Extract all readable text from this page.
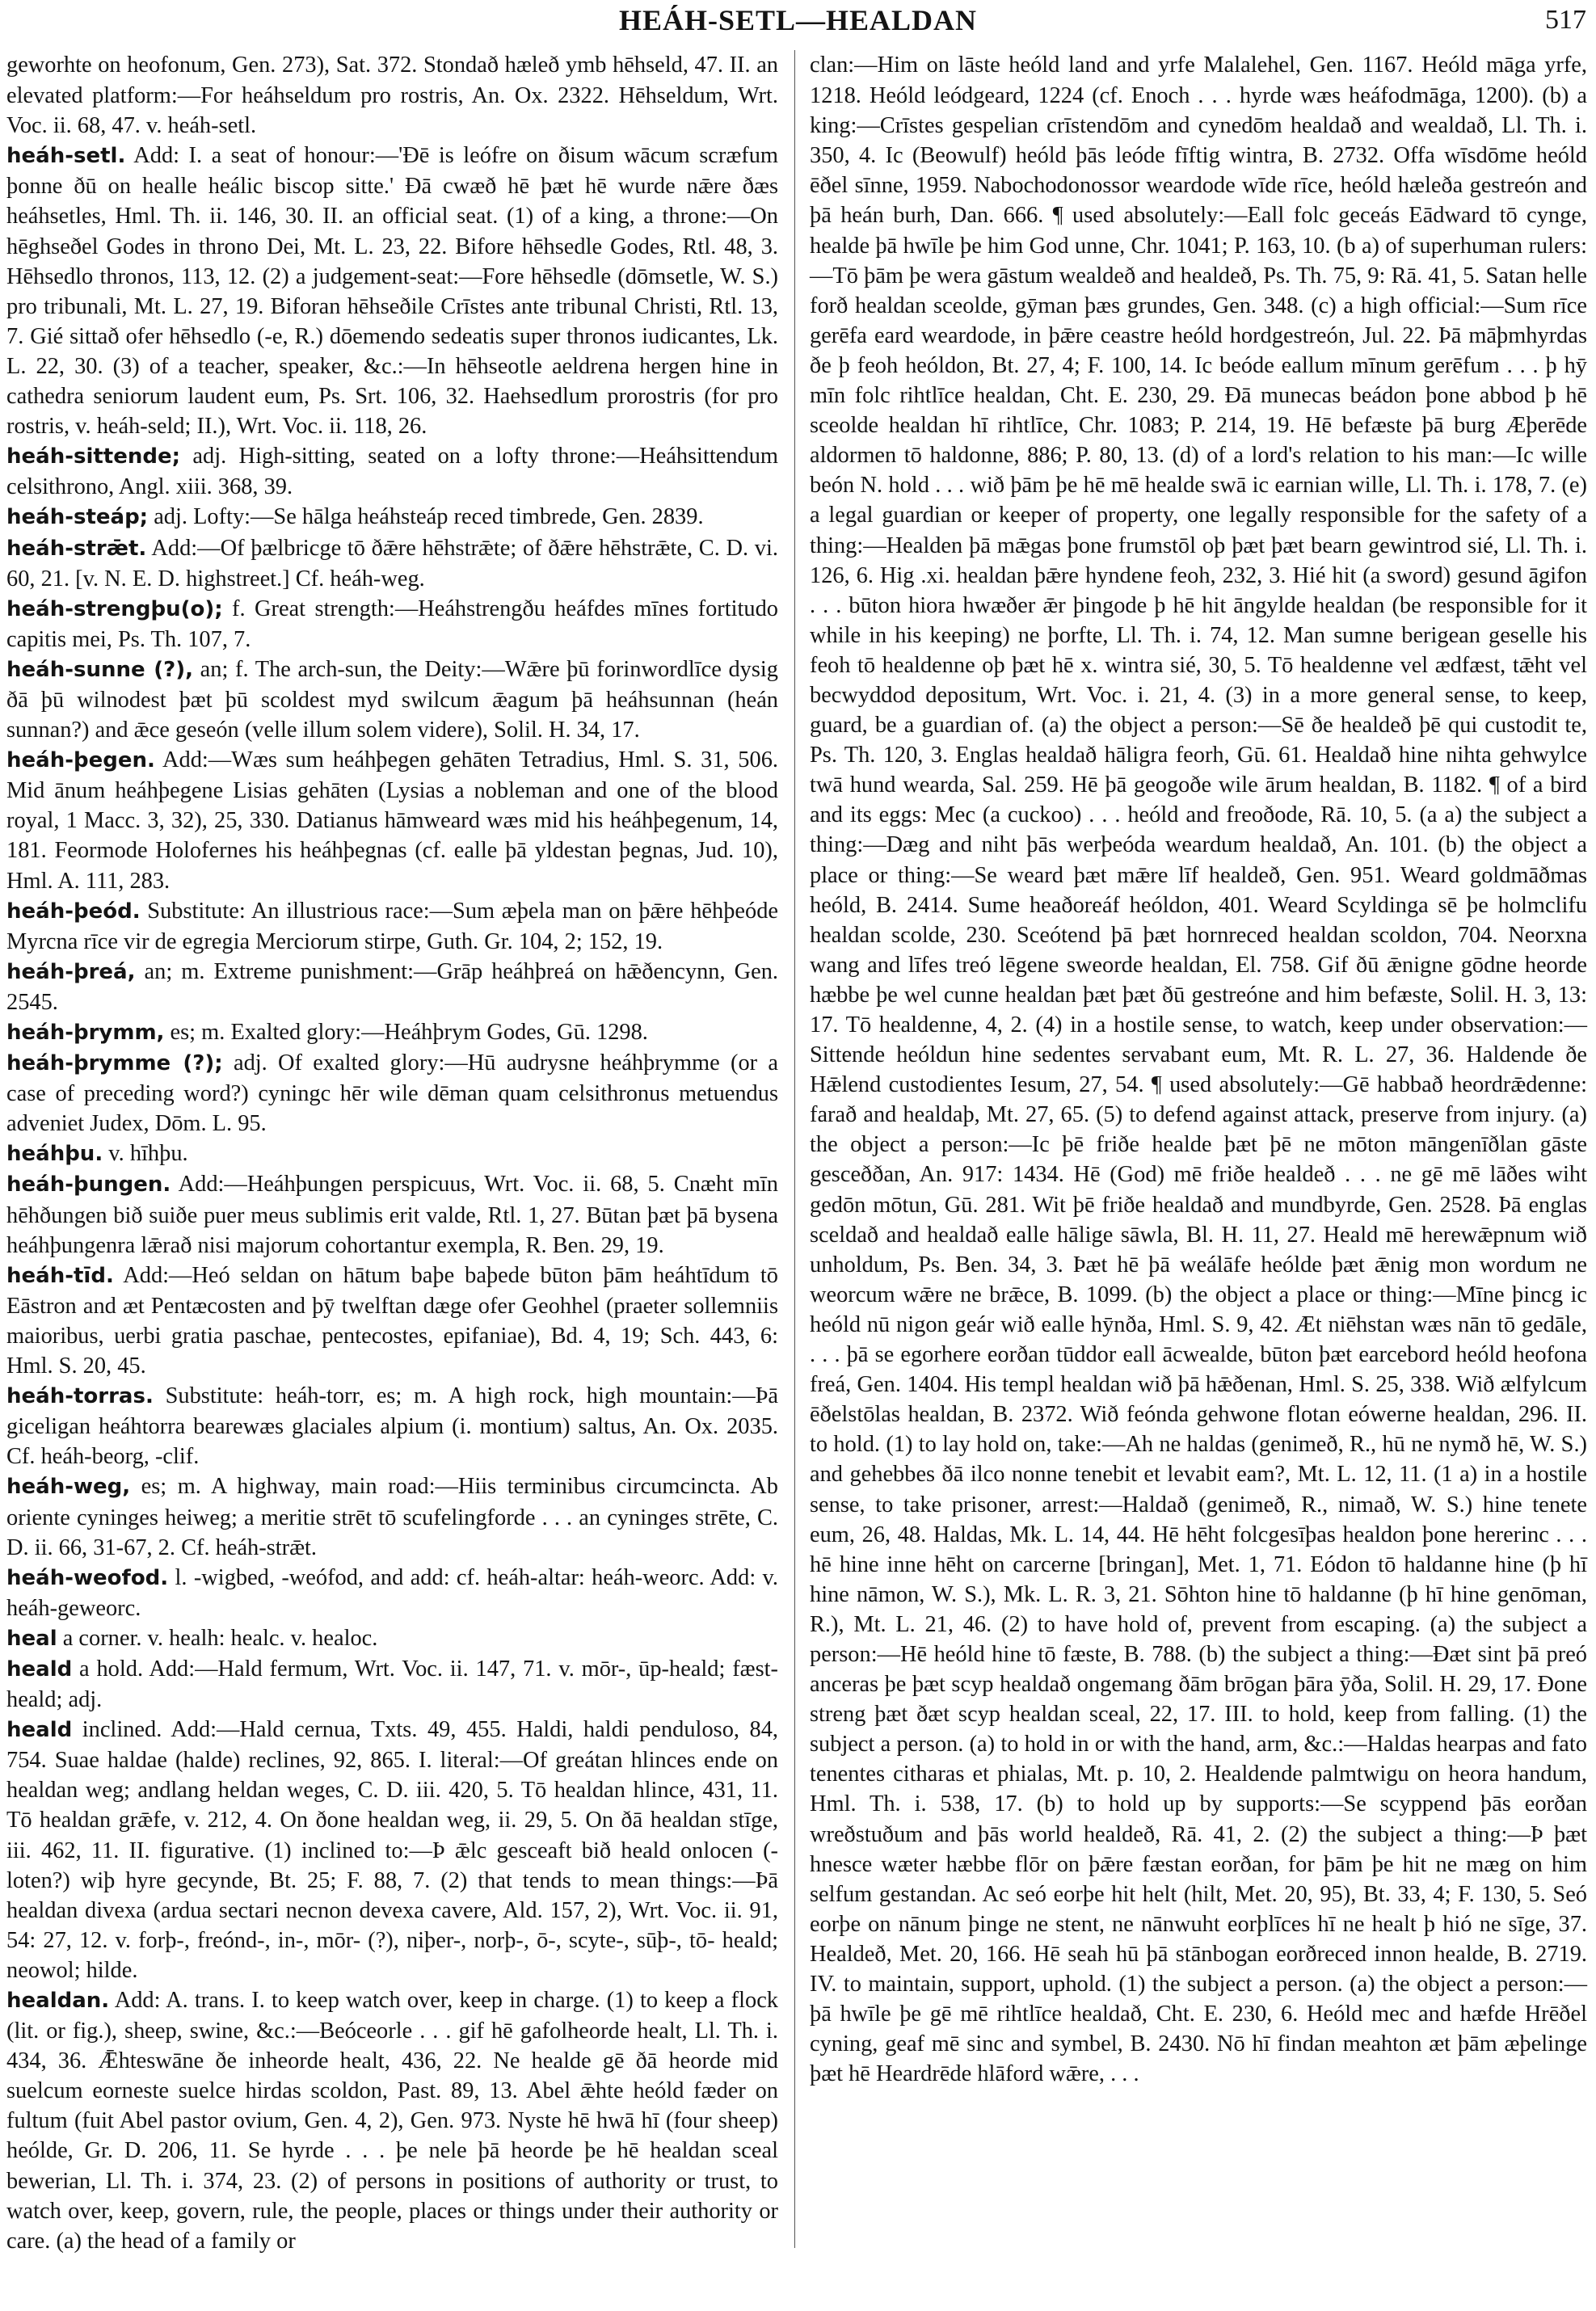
HEÁH-SETL—HEALDAN	517

geworhte on heofonum, Gen. 273), Sat. 372. Stondað hæleð ymb hēhseld, 47. II. an elevated platform:—For heáhseldum pro rostris, An. Ox. 2322. Hēhseldum, Wrt. Voc. ii. 68, 47. v. heáh-setl.

heáh-setl. Add: I. a seat of honour:—'Ðē is leófre on ðisum wācum scræfum þonne ðū on healle heálic biscop sitte.' Ðā cwæð hē þæt hē wurde nǣre ðæs heáhsetles, Hml. Th. ii. 146, 30. II. an official seat. (1) of a king, a throne:—On hēghseðel Godes in throno Dei, Mt. L. 23, 22. Bifore hēhsedle Godes, Rtl. 48, 3. Hēhsedlo thronos, 113, 12. (2) a judgement-seat:—Fore hēhsedle (dōmsetle, W. S.) pro tribunali, Mt. L. 27, 19. Biforan hēhseðile Crīstes ante tribunal Christi, Rtl. 13, 7. Gié sittað ofer hēhsedlo (-e, R.) dōemendo sedeatis super thronos iudicantes, Lk. L. 22, 30. (3) of a teacher, speaker, &c.:—In hēhseotle aeldrena hergen hine in cathedra seniorum laudent eum, Ps. Srt. 106, 32. Haehsedlum prorostris (for pro rostris, v. heáh-seld; II.), Wrt. Voc. ii. 118, 26.

heáh-sittende; adj. High-sitting, seated on a lofty throne:—Heáhsittendum celsithrono, Angl. xiii. 368, 39.

heáh-steáp; adj. Lofty:—Se hālga heáhsteáp reced timbrede, Gen. 2839.

heáh-strǣt. Add:—Of þælbricge tō ðǣre hēhstrǣte; of ðǣre hēhstrǣte, C. D. vi. 60, 21. [v. N. E. D. highstreet.] Cf. heáh-weg.

heáh-strengþu(o); f. Great strength:—Heáhstrengðu heáfdes mīnes fortitudo capitis mei, Ps. Th. 107, 7.

heáh-sunne (?), an; f. The arch-sun, the Deity:—Wǣre þū forinwordlīce dysig ðā þū wilnodest þæt þū scoldest myd swilcum ǣagum þā heáhsunnan (heán sunnan?) and ǣce geseón (velle illum solem videre), Solil. H. 34, 17.

heáh-þegen. Add:—Wæs sum heáhþegen gehāten Tetradius, Hml. S. 31, 506. Mid ānum heáhþegene Lisias gehāten (Lysias a nobleman and one of the blood royal, 1 Macc. 3, 32), 25, 330. Datianus hāmweard wæs mid his heáhþegenum, 14, 181. Feormode Holofernes his heáhþegnas (cf. ealle þā yldestan þegnas, Jud. 10), Hml. A. 111, 283.

heáh-þeód. Substitute: An illustrious race:—Sum æþela man on þǣre hēhþeóde Myrcna rīce vir de egregia Merciorum stirpe, Guth. Gr. 104, 2; 152, 19.

heáh-þreá, an; m. Extreme punishment:—Grāp heáhþreá on hǣðencynn, Gen. 2545.

heáh-þrymm, es; m. Exalted glory:—Heáhþrym Godes, Gū. 1298.

heáh-þrymme (?); adj. Of exalted glory:—Hū audrysne heáhþrymme (or a case of preceding word?) cyningc hēr wile dēman quam celsithronus metuendus adveniet Judex, Dōm. L. 95.

heáhþu. v. hīhþu.

heáh-þungen. Add:—Heáhþungen perspicuus, Wrt. Voc. ii. 68, 5. Cnæht mīn hēhðungen bið suiðe puer meus sublimis erit valde, Rtl. 1, 27. Būtan þæt þā bysena heáhþungenra lǣrað nisi majorum cohortantur exempla, R. Ben. 29, 19.

heáh-tīd. Add:—Heó seldan on hātum baþe baþede būton þām heáhtīdum tō Eāstron and æt Pentæcosten and þȳ twelftan dæge ofer Geohhel (praeter sollemniis maioribus, uerbi gratia paschae, pentecostes, epifaniae), Bd. 4, 19; Sch. 443, 6: Hml. S. 20, 45.

heáh-torras. Substitute: heáh-torr, es; m. A high rock, high mountain:—Þā giceligan heáhtorra bearewæs glaciales alpium (i. montium) saltus, An. Ox. 2035. Cf. heáh-beorg, -clif.

heáh-weg, es; m. A highway, main road:—Hiis terminibus circumcincta. Ab oriente cyninges heiweg; a meritie strēt tō scufelingforde . . . an cyninges strēte, C. D. ii. 66, 31-67, 2. Cf. heáh-strǣt.

heáh-weofod. l. -wigbed, -weófod, and add: cf. heáh-altar: heáh-weorc. Add: v. heáh-geweorc.

heal a corner. v. healh: healc. v. healoc.

heald a hold. Add:—Hald fermum, Wrt. Voc. ii. 147, 71. v. mōr-, ūp-heald; fæst-heald; adj.

heald inclined. Add:—Hald cernua, Txts. 49, 455. Haldi, haldi penduloso, 84, 754. Suae haldae (halde) reclines, 92, 865. I. literal:—Of greátan hlinces ende on healdan weg; andlang heldan weges, C. D. iii. 420, 5. Tō healdan hlince, 431, 11. Tō healdan grǣfe, v. 212, 4. On ðone healdan weg, ii. 29, 5. On ðā healdan stīge, iii. 462, 11. II. figurative. (1) inclined to:—Þ ǣlc gesceaft bið heald onlocen (-loten?) wiþ hyre gecynde, Bt. 25; F. 88, 7. (2) that tends to mean things:—Þā healdan divexa (ardua sectari necnon devexa cavere, Ald. 157, 2), Wrt. Voc. ii. 91, 54: 27, 12. v. forþ-, freónd-, in-, mōr- (?), niþer-, norþ-, ō-, scyte-, sūþ-, tō- heald; neowol; hilde.

healdan. Add: A. trans. I. to keep watch over, keep in charge. (1) to keep a flock (lit. or fig.), sheep, swine, &c.:—Beóceorle . . . gif hē gafolheorde healt, Ll. Th. i. 434, 36. Ǣhteswāne ðe inheorde healt, 436, 22. Ne healde gē ðā heorde mid suelcum eorneste suelce hirdas scoldon, Past. 89, 13. Abel ǣhte heóld fæder on fultum (fuit Abel pastor ovium, Gen. 4, 2), Gen. 973. Nyste hē hwā hī (four sheep) heólde, Gr. D. 206, 11. Se hyrde . . . þe nele þā heorde þe hē healdan sceal bewerian, Ll. Th. i. 374, 23. (2) of persons in positions of authority or trust, to watch over, keep, govern, rule, the people, places or things under their authority or care. (a) the head of a family or

clan:—Him on lāste heóld land and yrfe Malalehel, Gen. 1167. Heóld māga yrfe, 1218. Heóld leódgeard, 1224 (cf. Enoch . . . hyrde wæs heáfodmāga, 1200). (b) a king:—Crīstes gespelian crīstendōm and cynedōm healdað and wealdað, Ll. Th. i. 350, 4. Ic (Beowulf) heóld þās leóde fīftig wintra, B. 2732. Offa wīsdōme heóld ēðel sīnne, 1959. Nabochodonossor weardode wīde rīce, heóld hæleða gestreón and þā heán burh, Dan. 666. ¶ used absolutely:—Eall folc geceás Eādward tō cynge, healde þā hwīle þe him God unne, Chr. 1041; P. 163, 10. (b a) of superhuman rulers:—Tō þām þe wera gāstum wealdeð and healdeð, Ps. Th. 75, 9: Rā. 41, 5. Satan helle forð healdan sceolde, gȳman þæs grundes, Gen. 348. (c) a high official:—Sum rīce gerēfa eard weardode, in þǣre ceastre heóld hordgestreón, Jul. 22. Þā māþmhyrdas ðe þ feoh heóldon, Bt. 27, 4; F. 100, 14. Ic beóde eallum mīnum gerēfum . . . þ hȳ mīn folc rihtlīce healdan, Cht. E. 230, 29. Ðā munecas beádon þone abbod þ hē sceolde healdan hī rihtlīce, Chr. 1083; P. 214, 19. Hē befæste þā burg Æþerēde aldormen tō haldonne, 886; P. 80, 13. (d) of a lord's relation to his man:—Ic wille beón N. hold . . . wið þām þe hē mē healde swā ic earnian wille, Ll. Th. i. 178, 7. (e) a legal guardian or keeper of property, one legally responsible for the safety of a thing:—Healden þā mǣgas þone frumstōl oþ þæt þæt bearn gewintrod sié, Ll. Th. i. 126, 6. Hig .xi. healdan þǣre hyndene feoh, 232, 3. Hié hit (a sword) gesund āgifon . . . būton hiora hwæðer ǣr þingode þ hē hit āngylde healdan (be responsible for it while in his keeping) ne þorfte, Ll. Th. i. 74, 12. Man sumne berigean geselle his feoh tō healdenne oþ þæt hē x. wintra sié, 30, 5. Tō healdenne vel ædfæst, tǣht vel becwyddod depositum, Wrt. Voc. i. 21, 4. (3) in a more general sense, to keep, guard, be a guardian of. (a) the object a person:—Sē ðe healdeð þē qui custodit te, Ps. Th. 120, 3. Englas healdað hāligra feorh, Gū. 61. Healdað hine nihta gehwylce twā hund wearda, Sal. 259. Hē þā geogoðe wile ārum healdan, B. 1182. ¶ of a bird and its eggs: Mec (a cuckoo) . . . heóld and freoðode, Rā. 10, 5. (a a) the subject a thing:—Dæg and niht þās werþeóda weardum healdað, An. 101. (b) the object a place or thing:—Se weard þæt mǣre līf healdeð, Gen. 951. Weard goldmāðmas heóld, B. 2414. Sume heaðoreáf heóldon, 401. Weard Scyldinga sē þe holmclifu healdan scolde, 230. Sceótend þā þæt hornreced healdan scoldon, 704. Neorxna wang and līfes treó lēgene sweorde healdan, El. 758. Gif ðū ǣnigne gōdne heorde hæbbe þe wel cunne healdan þæt þæt ðū gestreóne and him befæste, Solil. H. 3, 13: 17. Tō healdenne, 4, 2. (4) in a hostile sense, to watch, keep under observation:—Sittende heóldun hine sedentes servabant eum, Mt. R. L. 27, 36. Haldende ðe Hǣlend custodientes Iesum, 27, 54. ¶ used absolutely:—Gē habbað heordrǣdenne: farað and healdaþ, Mt. 27, 65. (5) to defend against attack, preserve from injury. (a) the object a person:—Ic þē friðe healde þæt þē ne mōton māngenīðlan gāste gesceððan, An. 917: 1434. Hē (God) mē friðe healdeð . . . ne gē mē lāðes wiht gedōn mōtun, Gū. 281. Wit þē friðe healdað and mundbyrde, Gen. 2528. Þā englas sceldað and healdað ealle hālige sāwla, Bl. H. 11, 27. Heald mē herewǣpnum wið unholdum, Ps. Ben. 34, 3. Þæt hē þā weálāfe heólde þæt ǣnig mon wordum ne weorcum wǣre ne brǣce, B. 1099. (b) the object a place or thing:—Mīne þincg ic heóld nū nigon geár wið ealle hȳnða, Hml. S. 9, 42. Æt niēhstan wæs nān tō gedāle, . . . þā se egorhere eorðan tūddor eall ācwealde, būton þæt earcebord heóld heofona freá, Gen. 1404. His templ healdan wið þā hǣðenan, Hml. S. 25, 338. Wið ælfylcum ēðelstōlas healdan, B. 2372. Wið feónda gehwone flotan eówerne healdan, 296. II. to hold. (1) to lay hold on, take:—Ah ne haldas (genimeð, R., hū ne nymð hē, W. S.) and gehebbes ðā ilco nonne tenebit et levabit eam?, Mt. L. 12, 11. (1 a) in a hostile sense, to take prisoner, arrest:—Haldað (genimeð, R., nimað, W. S.) hine tenete eum, 26, 48. Haldas, Mk. L. 14, 44. Hē hēht folcgesīþas healdon þone hererinc . . . hē hine inne hēht on carcerne [bringan], Met. 1, 71. Eódon tō haldanne hine (þ hī hine nāmon, W. S.), Mk. L. R. 3, 21. Sōhton hine tō haldanne (þ hī hine genōman, R.), Mt. L. 21, 46. (2) to have hold of, prevent from escaping. (a) the subject a person:—Hē heóld hine tō fæste, B. 788. (b) the subject a thing:—Ðæt sint þā preó anceras þe þæt scyp healdað ongemang ðām brōgan þāra ȳða, Solil. H. 29, 17. Ðone streng þæt ðæt scyp healdan sceal, 22, 17. III. to hold, keep from falling. (1) the subject a person. (a) to hold in or with the hand, arm, &c.:—Haldas hearpas and fato tenentes citharas et phialas, Mt. p. 10, 2. Healdende palmtwigu on heora handum, Hml. Th. i. 538, 17. (b) to hold up by supports:—Se scyppend þās eorðan wreðstuðum and þās world healdeð, Rā. 41, 2. (2) the subject a thing:—Þ þæt hnesce wæter hæbbe flōr on þǣre fæstan eorðan, for þām þe hit ne mæg on him selfum gestandan. Ac seó eorþe hit helt (hilt, Met. 20, 95), Bt. 33, 4; F. 130, 5. Seó eorþe on nānum þinge ne stent, ne nānwuht eorþlīces hī ne healt þ hió ne sīge, 37. Healdeð, Met. 20, 166. Hē seah hū þā stānbogan eorðreced innon healde, B. 2719. IV. to maintain, support, uphold. (1) the subject a person. (a) the object a person:—þā hwīle þe gē mē rihtlīce healdað, Cht. E. 230, 6. Heóld mec and hæfde Hrēðel cyning, geaf mē sinc and symbel, B. 2430. Nō hī findan meahton æt þām æþelinge þæt hē Heardrēde hlāford wǣre, . . .
